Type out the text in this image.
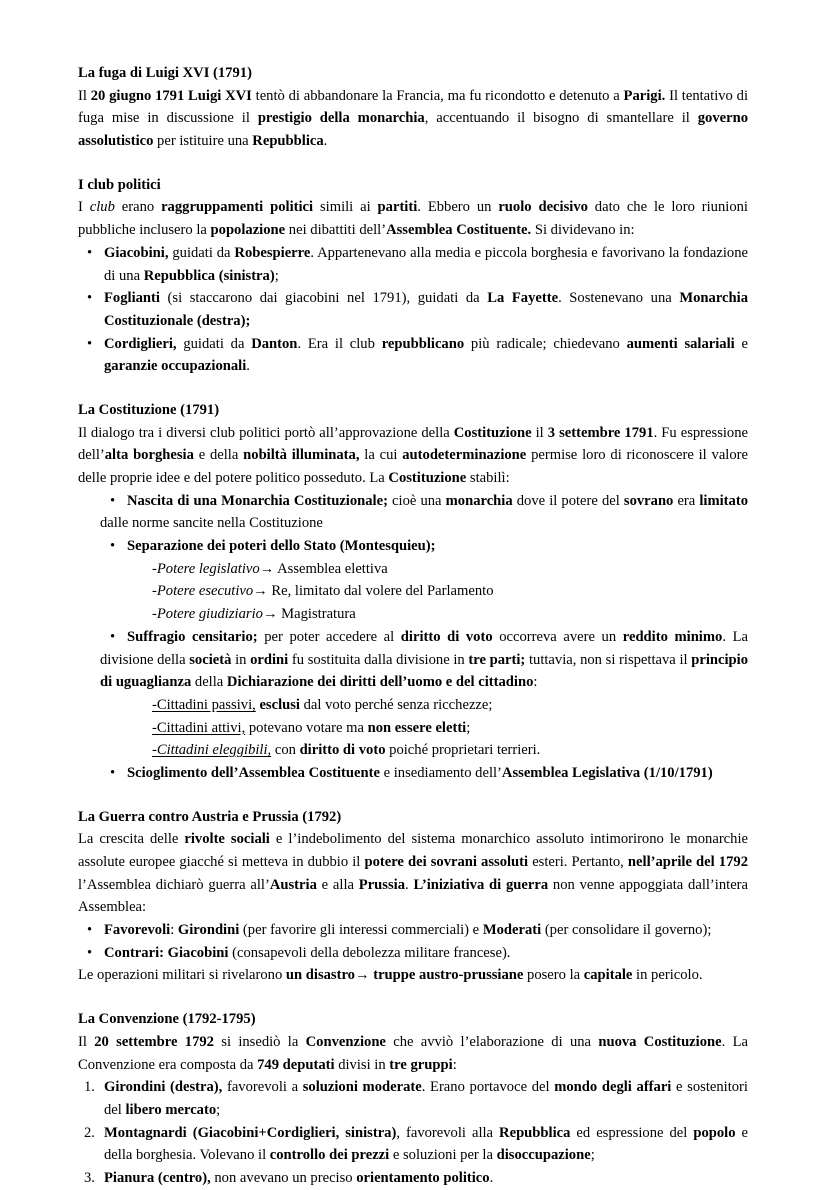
La fuga di Luigi XVI (1791)

Il 20 giugno 1791 Luigi XVI tentò di abbandonare la Francia, ma fu ricondotto e detenuto a Parigi. Il tentativo di fuga mise in discussione il prestigio della monarchia, accentuando il bisogno di smantellare il governo assolutistico per istituire una Repubblica.

I club politici

I club erano raggruppamenti politici simili ai partiti. Ebbero un ruolo decisivo dato che le loro riunioni pubbliche inclusero la popolazione nei dibattiti dell’Assemblea Costituente. Si dividevano in:

• Giacobini, guidati da Robespierre. Appartenevano alla media e piccola borghesia e favorivano la fondazione di una Repubblica (sinistra);
• Foglianti (si staccarono dai giacobini nel 1791), guidati da La Fayette. Sostenevano una Monarchia Costituzionale (destra);
• Cordiglieri, guidati da Danton. Era il club repubblicano più radicale; chiedevano aumenti salariali e garanzie occupazionali.
La Costituzione (1791)

Il dialogo tra i diversi club politici portò all’approvazione della Costituzione il 3 settembre 1791. Fu espressione dell’alta borghesia e della nobiltà illuminata, la cui autodeterminazione permise loro di riconoscere il valore delle proprie idee e del potere politico posseduto. La Costituzione stabilì:

• Nascita di una Monarchia Costituzionale; cioè una monarchia dove il potere del sovrano era limitato dalle norme sancite nella Costituzione
• Separazione dei poteri dello Stato (Montesquieu);
-Potere legislativo→ Assemblea elettiva
-Potere esecutivo→ Re, limitato dal volere del Parlamento
-Potere giudiziario→ Magistratura
• Suffragio censitario; per poter accedere al diritto di voto occorreva avere un reddito minimo. La divisione della società in ordini fu sostituita dalla divisione in tre parti; tuttavia, non si rispettava il principio di uguaglianza della Dichiarazione dei diritti dell’uomo e del cittadino:
-Cittadini passivi, esclusi dal voto perché senza ricchezze;
-Cittadini attivi, potevano votare ma non essere eletti;
-Cittadini eleggibili, con diritto di voto poiché proprietari terrieri.
• Scioglimento dell’Assemblea Costituente e insediamento dell’Assemblea Legislativa (1/10/1791)
La Guerra contro Austria e Prussia (1792)

La crescita delle rivolte sociali e l’indebolimento del sistema monarchico assoluto intimorirono le monarchie assolute europee giacché si metteva in dubbio il potere dei sovrani assoluti esteri. Pertanto, nell’aprile del 1792 l’Assemblea dichiarò guerra all’Austria e alla Prussia. L’iniziativa di guerra non venne appoggiata dall’intera Assemblea:

• Favorevoli: Girondini (per favorire gli interessi commerciali) e Moderati (per consolidare il governo);
• Contrari: Giacobini (consapevoli della debolezza militare francese).

Le operazioni militari si rivelarono un disastro→ truppe austro-prussiane posero la capitale in pericolo.

La Convenzione (1792-1795)

Il 20 settembre 1792 si insediò la Convenzione che avviò l’elaborazione di una nuova Costituzione. La Convenzione era composta da 749 deputati divisi in tre gruppi:

Girondini (destra), favorevoli a soluzioni moderate. Erano portavoce del mondo degli affari e sostenitori del libero mercato;
Montagnardi (Giacobini+Cordiglieri, sinistra), favorevoli alla Repubblica ed espressione del popolo e della borghesia. Volevano il controllo dei prezzi e soluzioni per la disoccupazione;
Pianura (centro), non avevano un preciso orientamento politico.
